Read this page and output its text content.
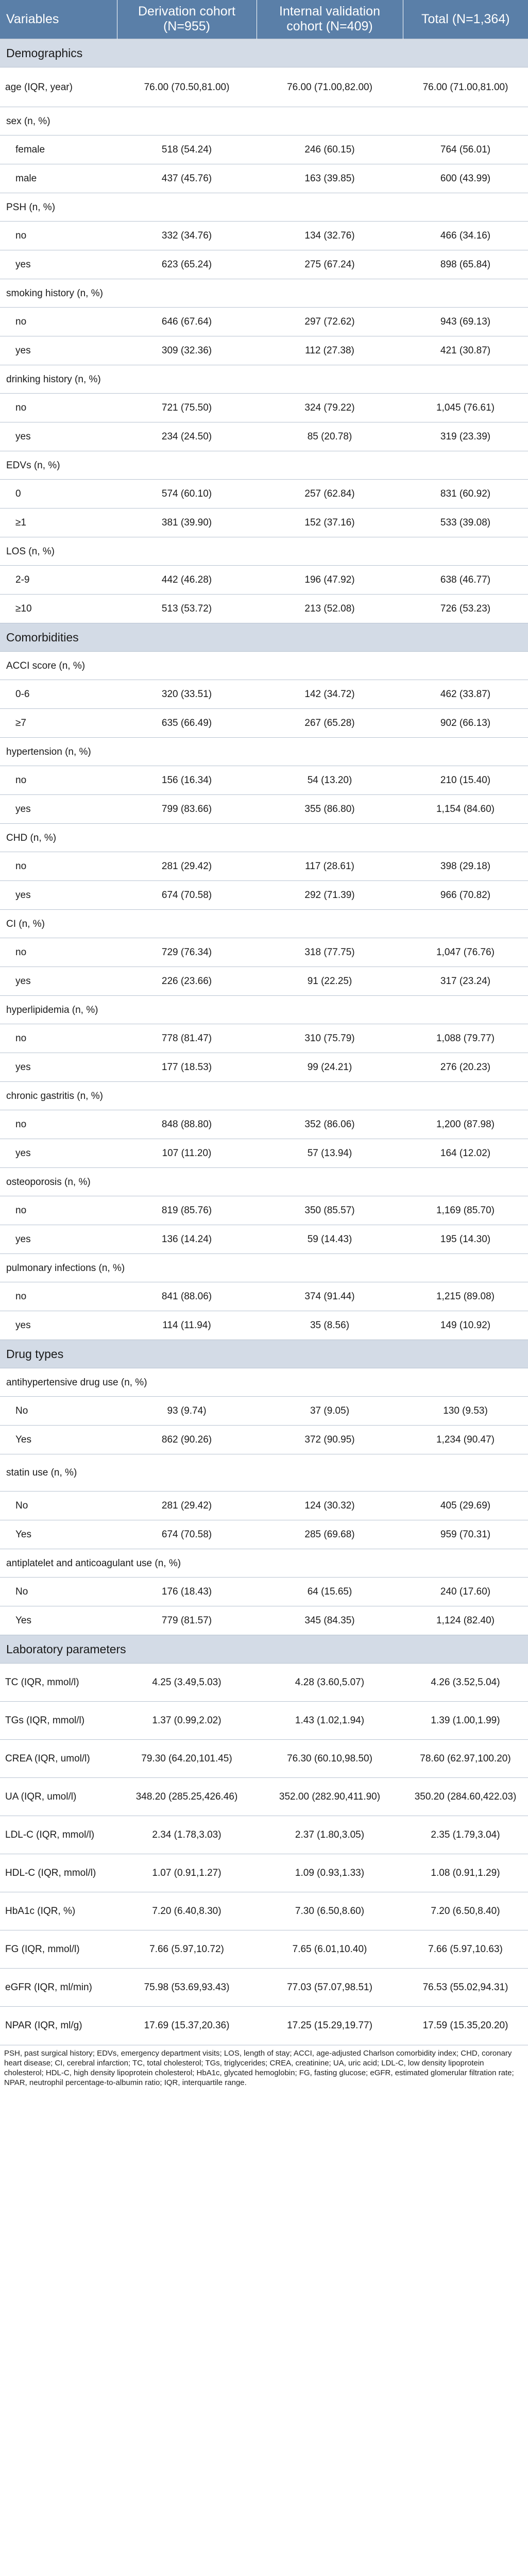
Variables	Derivation cohort (N=955)	Internal validation cohort (N=409)	Total (N=1,364)
Demographics			
age (IQR, year)	76.00 (70.50,81.00)	76.00 (71.00,82.00)	76.00 (71.00,81.00)
sex (n, %)			
female	518 (54.24)	246 (60.15)	764 (56.01)
male	437 (45.76)	163 (39.85)	600 (43.99)
PSH (n, %)			
no	332 (34.76)	134 (32.76)	466 (34.16)
yes	623 (65.24)	275 (67.24)	898 (65.84)
smoking history (n, %)			
no	646 (67.64)	297 (72.62)	943 (69.13)
yes	309 (32.36)	112 (27.38)	421 (30.87)
drinking history (n, %)			
no	721 (75.50)	324 (79.22)	1,045 (76.61)
yes	234 (24.50)	85 (20.78)	319 (23.39)
EDVs (n, %)			
0	574 (60.10)	257 (62.84)	831 (60.92)
≥1	381 (39.90)	152 (37.16)	533 (39.08)
LOS (n, %)			
2-9	442 (46.28)	196 (47.92)	638 (46.77)
≥10	513 (53.72)	213 (52.08)	726 (53.23)
Comorbidities			
ACCI score (n, %)			
0-6	320 (33.51)	142 (34.72)	462 (33.87)
≥7	635 (66.49)	267 (65.28)	902 (66.13)
hypertension (n, %)			
no	156 (16.34)	54 (13.20)	210 (15.40)
yes	799 (83.66)	355 (86.80)	1,154 (84.60)
CHD (n, %)			
no	281 (29.42)	117 (28.61)	398 (29.18)
yes	674 (70.58)	292 (71.39)	966 (70.82)
CI (n, %)			
no	729 (76.34)	318 (77.75)	1,047 (76.76)
yes	226 (23.66)	91 (22.25)	317 (23.24)
hyperlipidemia (n, %)			
no	778 (81.47)	310 (75.79)	1,088 (79.77)
yes	177 (18.53)	99 (24.21)	276 (20.23)
chronic gastritis (n, %)			
no	848 (88.80)	352 (86.06)	1,200 (87.98)
yes	107 (11.20)	57 (13.94)	164 (12.02)
osteoporosis (n, %)			
no	819 (85.76)	350 (85.57)	1,169 (85.70)
yes	136 (14.24)	59 (14.43)	195 (14.30)
pulmonary infections (n, %)			
no	841 (88.06)	374 (91.44)	1,215 (89.08)
yes	114 (11.94)	35 (8.56)	149 (10.92)
Drug types			
antihypertensive drug use (n, %)			
No	93 (9.74)	37 (9.05)	130 (9.53)
Yes	862 (90.26)	372 (90.95)	1,234 (90.47)
statin use (n, %)			
No	281 (29.42)	124 (30.32)	405 (29.69)
Yes	674 (70.58)	285 (69.68)	959 (70.31)
antiplatelet and anticoagulant use (n, %)			
No	176 (18.43)	64 (15.65)	240 (17.60)
Yes	779 (81.57)	345 (84.35)	1,124 (82.40)
Laboratory parameters			
TC (IQR, mmol/l)	4.25 (3.49,5.03)	4.28 (3.60,5.07)	4.26 (3.52,5.04)
TGs (IQR, mmol/l)	1.37 (0.99,2.02)	1.43 (1.02,1.94)	1.39 (1.00,1.99)
CREA (IQR, umol/l)	79.30 (64.20,101.45)	76.30 (60.10,98.50)	78.60 (62.97,100.20)
UA (IQR, umol/l)	348.20 (285.25,426.46)	352.00 (282.90,411.90)	350.20 (284.60,422.03)
LDL-C (IQR, mmol/l)	2.34 (1.78,3.03)	2.37 (1.80,3.05)	2.35 (1.79,3.04)
HDL-C (IQR, mmol/l)	1.07 (0.91,1.27)	1.09 (0.93,1.33)	1.08 (0.91,1.29)
HbA1c (IQR, %)	7.20 (6.40,8.30)	7.30 (6.50,8.60)	7.20 (6.50,8.40)
FG (IQR, mmol/l)	7.66 (5.97,10.72)	7.65 (6.01,10.40)	7.66 (5.97,10.63)
eGFR (IQR, ml/min)	75.98 (53.69,93.43)	77.03 (57.07,98.51)	76.53 (55.02,94.31)
NPAR (IQR, ml/g)	17.69 (15.37,20.36)	17.25 (15.29,19.77)	17.59 (15.35,20.20)
PSH, past surgical history; EDVs, emergency department visits; LOS, length of stay; ACCI, age-adjusted Charlson comorbidity index; CHD, coronary heart disease; CI, cerebral infarction; TC, total cholesterol; TGs, triglycerides; CREA, creatinine; UA, uric acid; LDL-C, low density lipoprotein cholesterol; HDL-C, high density lipoprotein cholesterol; HbA1c, glycated hemoglobin; FG, fasting glucose; eGFR, estimated glomerular filtration rate; NPAR, neutrophil percentage-to-albumin ratio; IQR, interquartile range.
